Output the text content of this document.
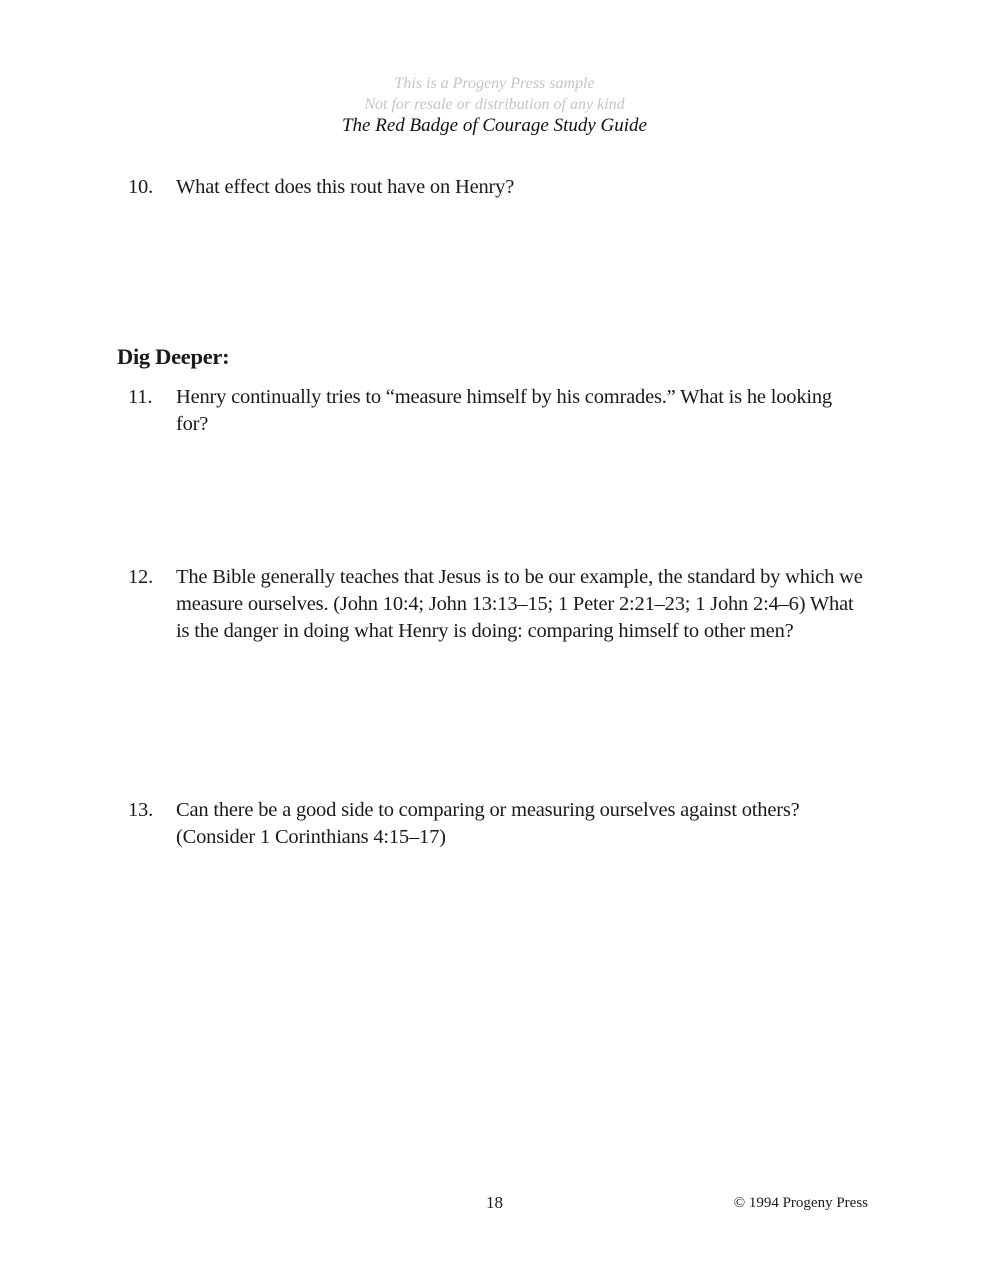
This is a Progeny Press sample
Not for resale or distribution of any kind
The Red Badge of Courage Study Guide
10. What effect does this rout have on Henry?
Dig Deeper:
11. Henry continually tries to “measure himself by his comrades.” What is he looking for?
12. The Bible generally teaches that Jesus is to be our example, the standard by which we measure ourselves. (John 10:4; John 13:13–15; 1 Peter 2:21–23; 1 John 2:4–6) What is the danger in doing what Henry is doing: comparing himself to other men?
13. Can there be a good side to comparing or measuring ourselves against others? (Consider 1 Corinthians 4:15–17)
18	© 1994 Progeny Press
